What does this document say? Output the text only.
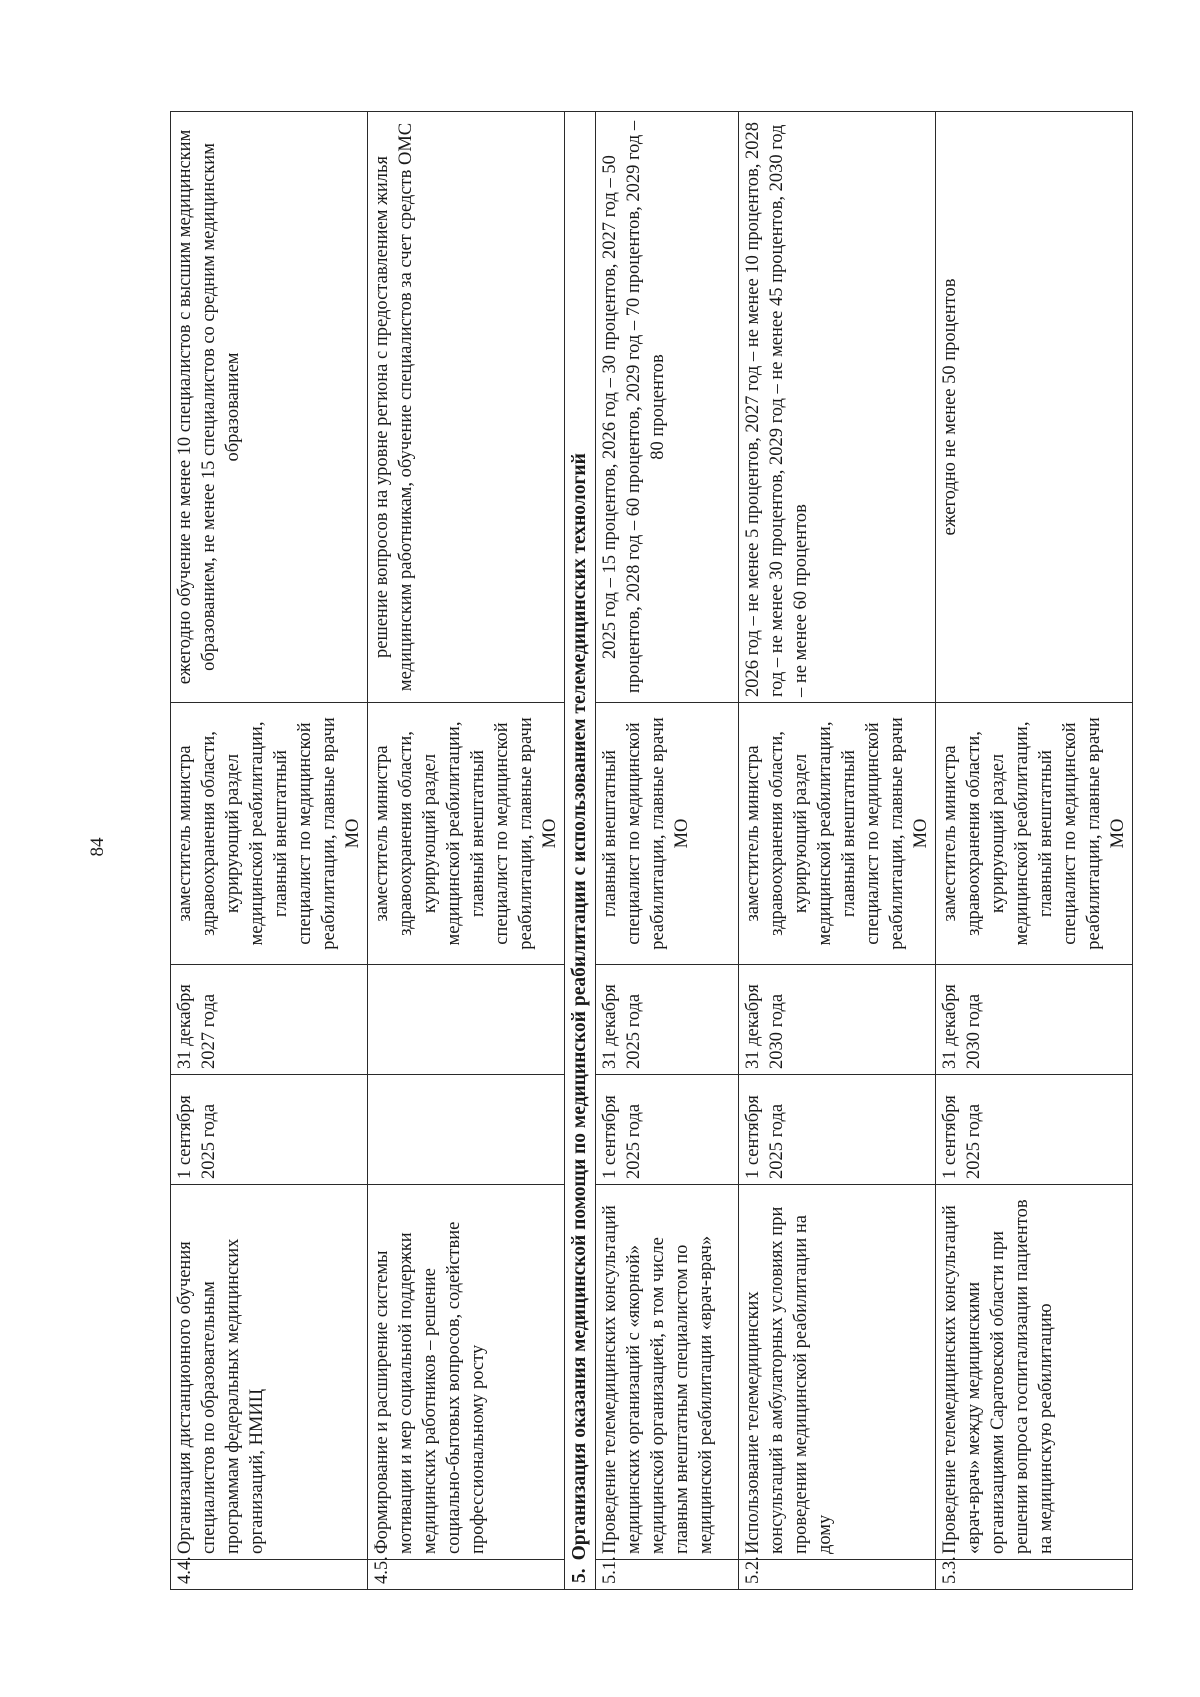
84
4.4.	Организация дистанционного обучения специалистов по образовательным программам федеральных медицинских организаций, НМИЦ	1 сентября 2025 года	31 декабря 2027 года	заместитель министра здравоохранения области, курирующий раздел медицинской реабилитации, главный внештатный специалист по медицинской реабилитации, главные врачи МО	ежегодно обучение не менее 10 специалистов с высшим медицинским образованием, не менее 15 специалистов со средним медицинским образованием
4.5.	Формирование и расширение системы мотивации и мер социальной поддержки медицинских работников – решение социально-бытовых вопросов, содействие профессиональному росту			заместитель министра здравоохранения области, курирующий раздел медицинской реабилитации, главный внештатный специалист по медицинской реабилитации, главные врачи МО	решение вопросов на уровне региона с предоставлением жилья медицинским работникам, обучение специалистов за счет средств ОМС
5.Организация оказания медицинской помощи по медицинской реабилитации с использованием телемедицинских технологий					
5.1.	Проведение телемедицинских консультаций медицинских организаций с «якорной» медицинской организацией, в том числе главным внештатным специалистом по медицинской реабилитации «врач-врач»	1 сентября 2025 года	31 декабря 2025 года	главный внештатный специалист по медицинской реабилитации, главные врачи МО	2025 год – 15 процентов, 2026 год – 30 процентов, 2027 год – 50 процентов, 2028 год – 60 процентов, 2029 год – 70 процентов, 2029 год – 80 процентов
5.2.	Использование телемедицинских консультаций в амбулаторных условиях при проведении медицинской реабилитации на дому	1 сентября 2025 года	31 декабря 2030 года	заместитель министра здравоохранения области, курирующий раздел медицинской реабилитации, главный внештатный специалист по медицинской реабилитации, главные врачи МО	2026 год – не менее 5 процентов, 2027 год – не менее 10 процентов, 2028 год – не менее 30 процентов, 2029 год – не менее 45 процентов, 2030 год – не менее 60 процентов
5.3.	Проведение телемедицинских консультаций «врач-врач» между медицинскими организациями Саратовской области при решении вопроса госпитализации пациентов на медицинскую реабилитацию	1 сентября 2025 года	31 декабря 2030 года	заместитель министра здравоохранения области, курирующий раздел медицинской реабилитации, главный внештатный специалист по медицинской реабилитации, главные врачи МО	ежегодно не менее 50 процентов
